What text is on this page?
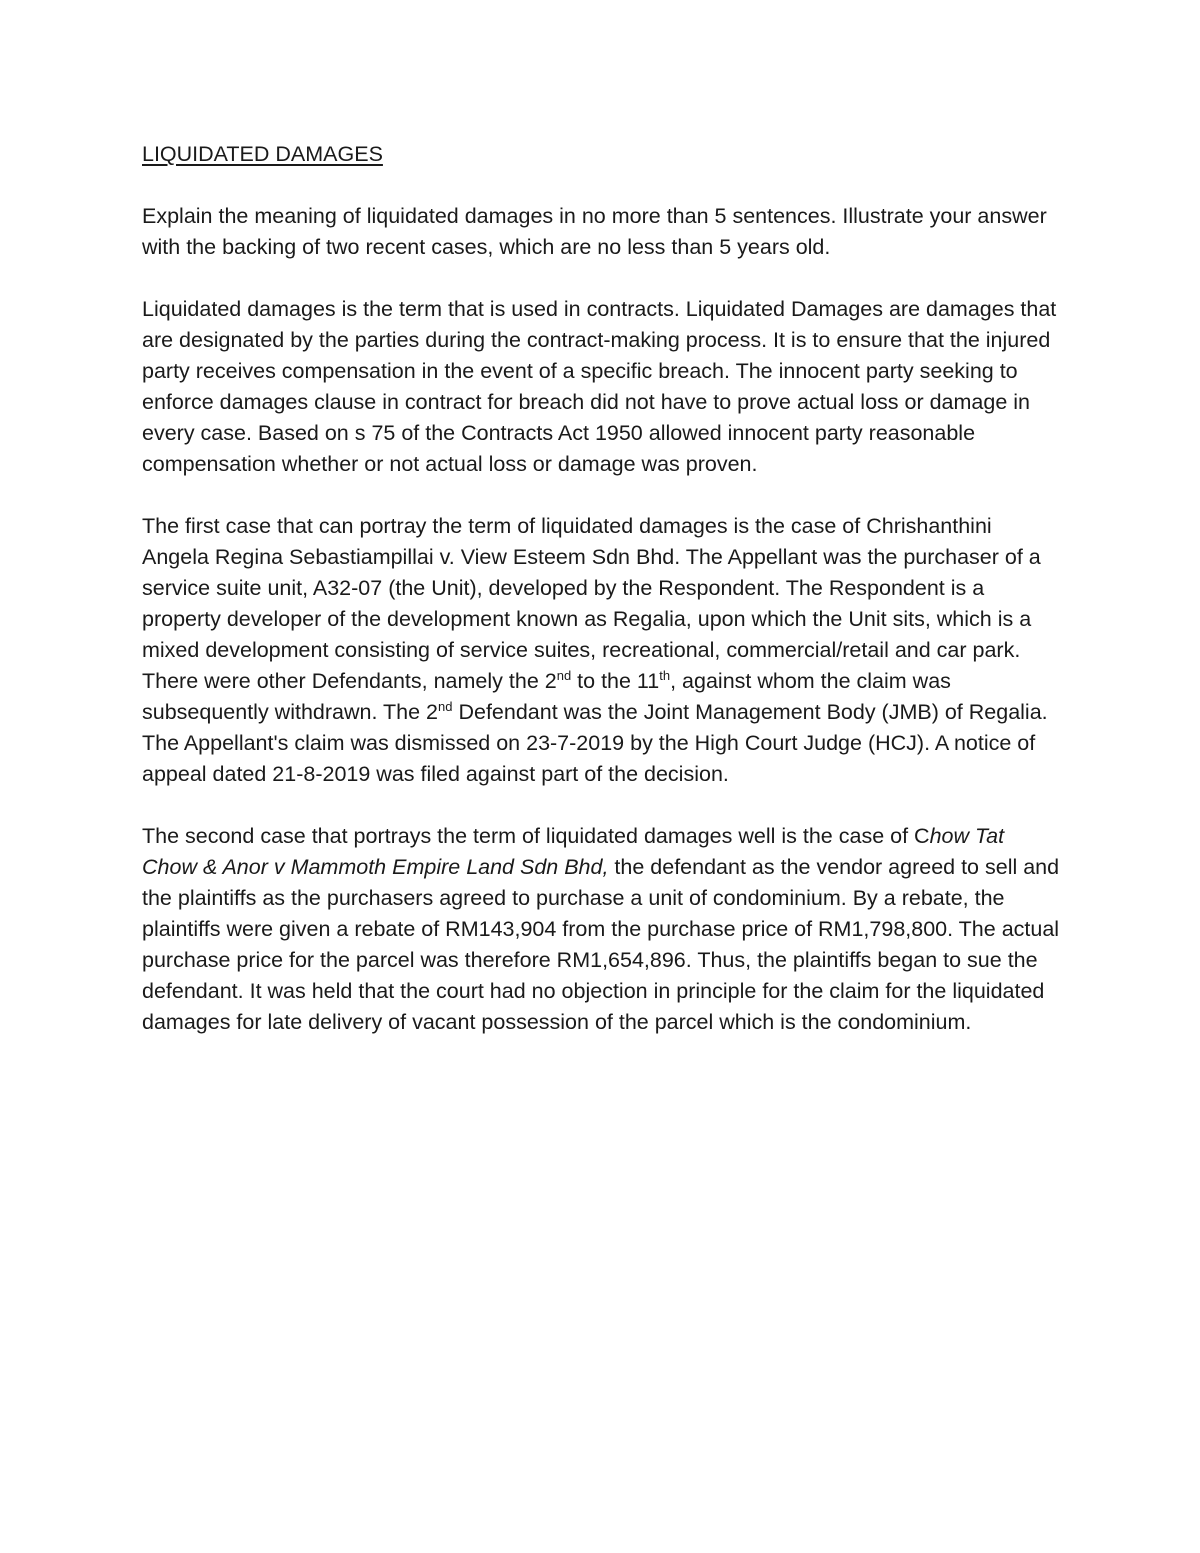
LIQUIDATED DAMAGES

Explain the meaning of liquidated damages in no more than 5 sentences. Illustrate your answer with the backing of two recent cases, which are no less than 5 years old.

Liquidated damages is the term that is used in contracts. Liquidated Damages are damages that are designated by the parties during the contract-making process. It is to ensure that the injured party receives compensation in the event of a specific breach. The innocent party seeking to enforce damages clause in contract for breach did not have to prove actual loss or damage in every case. Based on s 75 of the Contracts Act 1950 allowed innocent party reasonable compensation whether or not actual loss or damage was proven.

The first case that can portray the term of liquidated damages is the case of Chrishanthini Angela Regina Sebastiampillai v. View Esteem Sdn Bhd. The Appellant was the purchaser of a service suite unit, A32-07 (the Unit), developed by the Respondent. The Respondent is a property developer of the development known as Regalia, upon which the Unit sits, which is a mixed development consisting of service suites, recreational, commercial/retail and car park. There were other Defendants, namely the 2nd to the 11th, against whom the claim was subsequently withdrawn. The 2nd Defendant was the Joint Management Body (JMB) of Regalia. The Appellant's claim was dismissed on 23-7-2019 by the High Court Judge (HCJ). A notice of appeal dated 21-8-2019 was filed against part of the decision.

The second case that portrays the term of liquidated damages well is the case of Chow Tat Chow & Anor v Mammoth Empire Land Sdn Bhd, the defendant as the vendor agreed to sell and the plaintiffs as the purchasers agreed to purchase a unit of condominium. By a rebate, the plaintiffs were given a rebate of RM143,904 from the purchase price of RM1,798,800. The actual purchase price for the parcel was therefore RM1,654,896. Thus, the plaintiffs began to sue the defendant. It was held that the court had no objection in principle for the claim for the liquidated damages for late delivery of vacant possession of the parcel which is the condominium.
